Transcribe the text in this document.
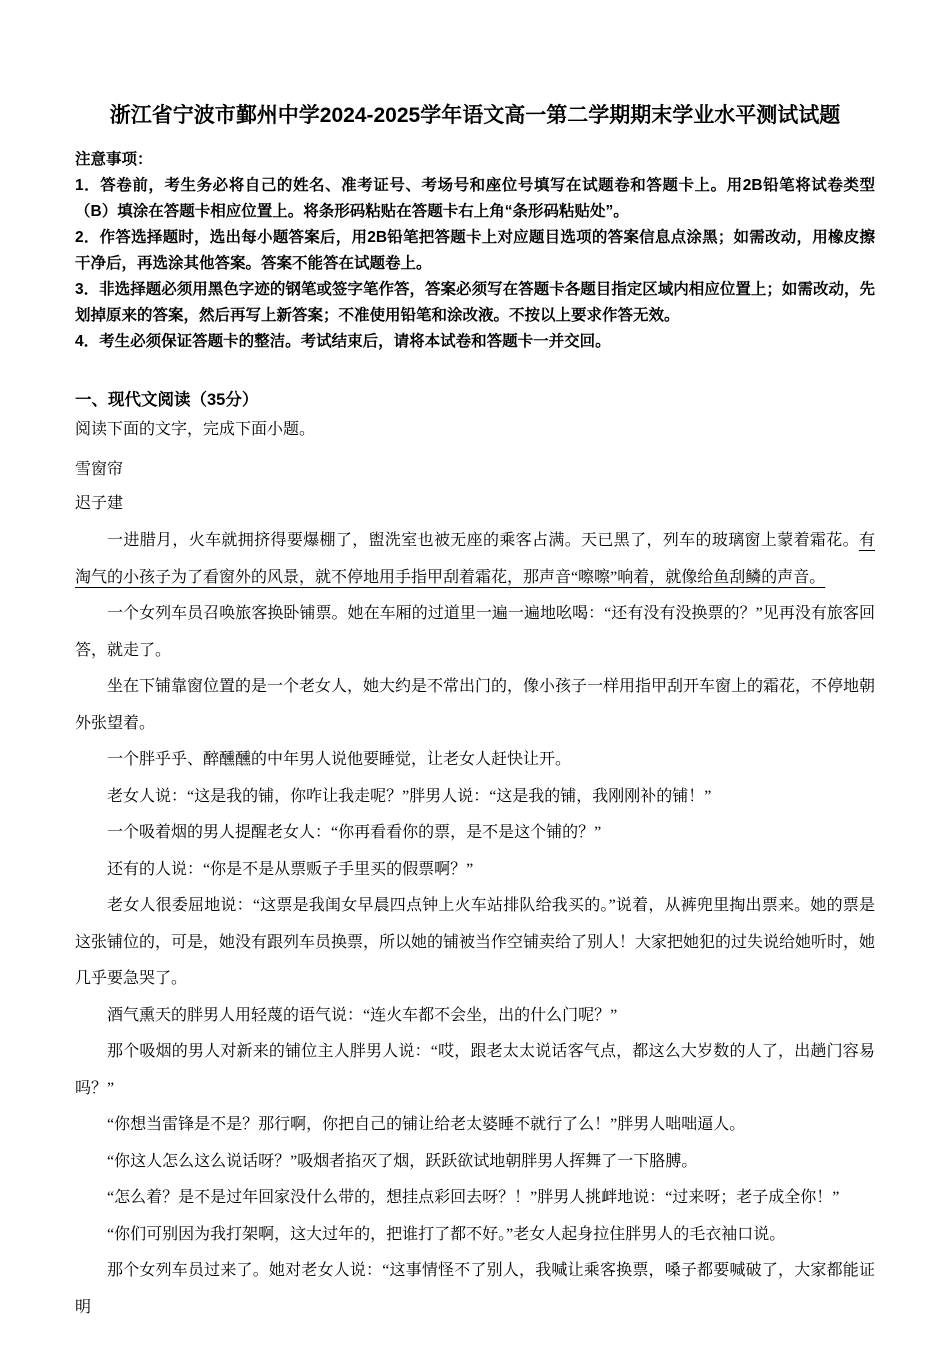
浙江省宁波市鄞州中学2024-2025学年语文高一第二学期期末学业水平测试试题

注意事项：

1．答卷前，考生务必将自己的姓名、准考证号、考场号和座位号填写在试题卷和答题卡上。用2B铅笔将试卷类型（B）填涂在答题卡相应位置上。将条形码粘贴在答题卡右上角“条形码粘贴处”。

2．作答选择题时，选出每小题答案后，用2B铅笔把答题卡上对应题目选项的答案信息点涂黑；如需改动，用橡皮擦干净后，再选涂其他答案。答案不能答在试题卷上。

3．非选择题必须用黑色字迹的钢笔或签字笔作答，答案必须写在答题卡各题目指定区域内相应位置上；如需改动，先划掉原来的答案，然后再写上新答案；不准使用铅笔和涂改液。不按以上要求作答无效。

4．考生必须保证答题卡的整洁。考试结束后，请将本试卷和答题卡一并交回。

一、现代文阅读（35分）

阅读下面的文字，完成下面小题。

雪窗帘

迟子建

一进腊月，火车就拥挤得要爆棚了，盥洗室也被无座的乘客占满。天已黑了，列车的玻璃窗上蒙着霜花。有淘气的小孩子为了看窗外的风景，就不停地用手指甲刮着霜花，那声音“嚓嚓”响着，就像给鱼刮鳞的声音。

一个女列车员召唤旅客换卧铺票。她在车厢的过道里一遍一遍地吆喝：“还有没有没换票的？”见再没有旅客回答，就走了。

坐在下铺靠窗位置的是一个老女人，她大约是不常出门的，像小孩子一样用指甲刮开车窗上的霜花，不停地朝外张望着。

一个胖乎乎、醉醺醺的中年男人说他要睡觉，让老女人赶快让开。

老女人说：“这是我的铺，你咋让我走呢？”胖男人说：“这是我的铺，我刚刚补的铺！”

一个吸着烟的男人提醒老女人：“你再看看你的票，是不是这个铺的？”

还有的人说：“你是不是从票贩子手里买的假票啊？”

老女人很委屈地说：“这票是我闺女早晨四点钟上火车站排队给我买的。”说着，从裤兜里掏出票来。她的票是这张铺位的，可是，她没有跟列车员换票，所以她的铺被当作空铺卖给了别人！大家把她犯的过失说给她听时，她几乎要急哭了。

酒气熏天的胖男人用轻蔑的语气说：“连火车都不会坐，出的什么门呢？”

那个吸烟的男人对新来的铺位主人胖男人说：“哎，跟老太太说话客气点，都这么大岁数的人了，出趟门容易吗？”

“你想当雷锋是不是？那行啊，你把自己的铺让给老太婆睡不就行了么！”胖男人咄咄逼人。

“你这人怎么这么说话呀？”吸烟者掐灭了烟，跃跃欲试地朝胖男人挥舞了一下胳膊。

“怎么着？是不是过年回家没什么带的，想挂点彩回去呀？！”胖男人挑衅地说：“过来呀；老子成全你！”

“你们可别因为我打架啊，这大过年的，把谁打了都不好。”老女人起身拉住胖男人的毛衣袖口说。

那个女列车员过来了。她对老女人说：“这事情怪不了别人，我喊让乘客换票，嗓子都要喊破了，大家都能证明
